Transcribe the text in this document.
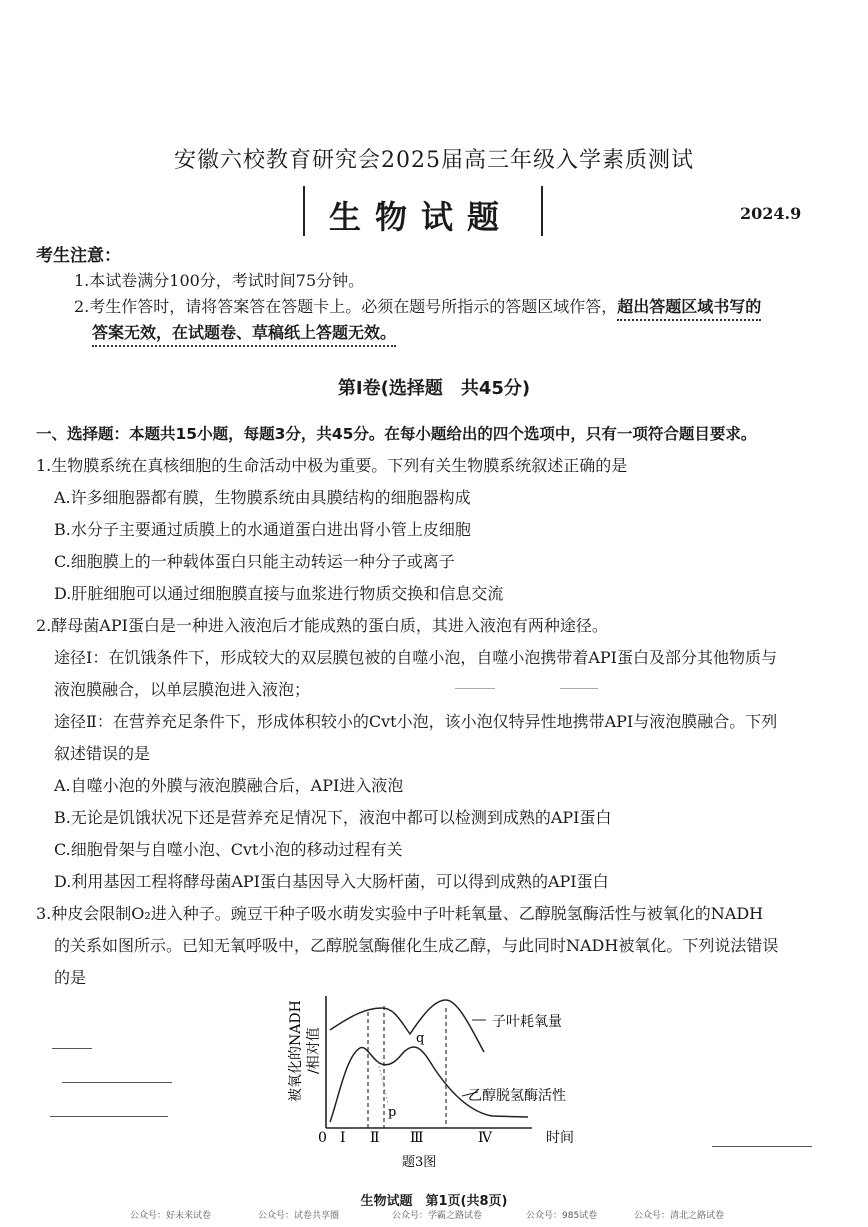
安徽六校教育研究会2025届高三年级入学素质测试
生物试题	2024.9
考生注意：
1.本试卷满分100分，考试时间75分钟。
2.考生作答时，请将答案答在答题卡上。必须在题号所指示的答题区域作答，超出答题区域书写的
答案无效，在试题卷、草稿纸上答题无效。
第Ⅰ卷(选择题　共45分)
一、选择题：本题共15小题，每题3分，共45分。在每小题给出的四个选项中，只有一项符合题目要求。
1.生物膜系统在真核细胞的生命活动中极为重要。下列有关生物膜系统叙述正确的是
A.许多细胞器都有膜，生物膜系统由具膜结构的细胞器构成
B.水分子主要通过质膜上的水通道蛋白进出肾小管上皮细胞
C.细胞膜上的一种载体蛋白只能主动转运一种分子或离子
D.肝脏细胞可以通过细胞膜直接与血浆进行物质交换和信息交流
2.酵母菌API蛋白是一种进入液泡后才能成熟的蛋白质，其进入液泡有两种途径。
途径Ⅰ：在饥饿条件下，形成较大的双层膜包被的自噬小泡，自噬小泡携带着API蛋白及部分其他物质与
液泡膜融合，以单层膜泡进入液泡；
途径Ⅱ：在营养充足条件下，形成体积较小的Cvt小泡，该小泡仅特异性地携带API与液泡膜融合。下列
叙述错误的是
A.自噬小泡的外膜与液泡膜融合后，API进入液泡
B.无论是饥饿状况下还是营养充足情况下，液泡中都可以检测到成熟的API蛋白
C.细胞骨架与自噬小泡、Cvt小泡的移动过程有关
D.利用基因工程将酵母菌API蛋白基因导入大肠杆菌，可以得到成熟的API蛋白
3.种皮会限制O₂进入种子。豌豆干种子吸水萌发实验中子叶耗氧量、乙醇脱氢酶活性与被氧化的NADH
的关系如图所示。已知无氧呼吸中，乙醇脱氢酶催化生成乙醇，与此同时NADH被氧化。下列说法错误
的是
0 Ⅰ Ⅱ Ⅲ	Ⅳ	时间
p
q
子叶耗氧量
乙醇脱氢酶活性
被氧化的NADH /相对值
题3图
生物试题　第1页(共8页)
公众号：好未来试卷	公众号：试卷共享圈	公众号：学霸之路试卷	公众号：985试卷	公众号：清北之路试卷
